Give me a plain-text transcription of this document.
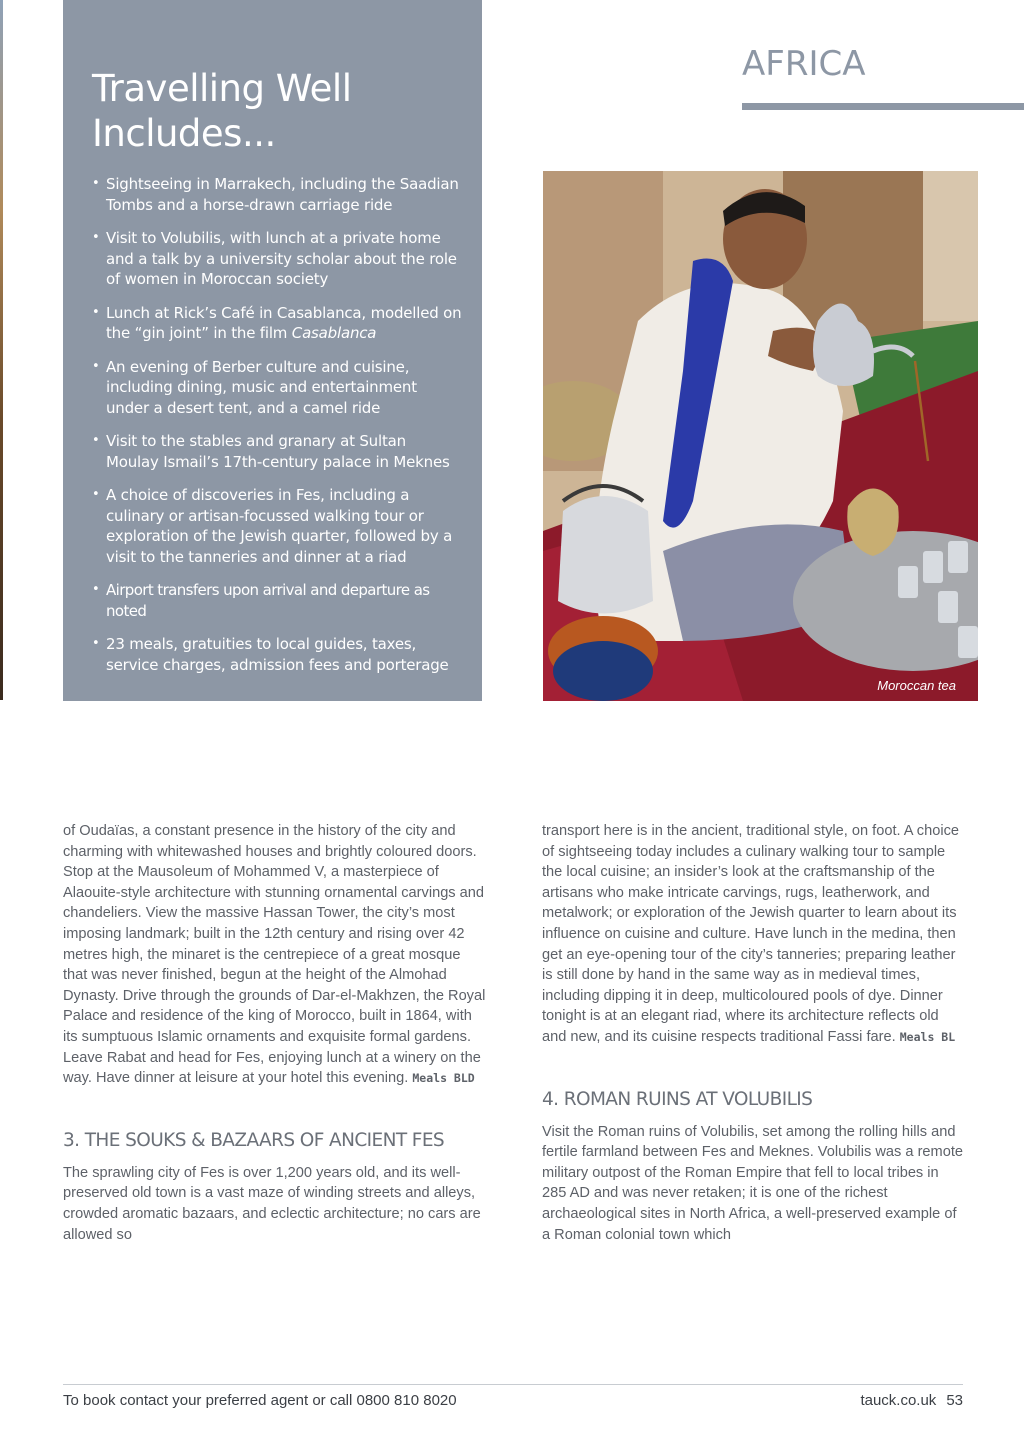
Travelling Well
Includes...
• Sightseeing in Marrakech, including the Saadian Tombs and a horse-drawn carriage ride
• Visit to Volubilis, with lunch at a private home and a talk by a university scholar about the role of women in Moroccan society
• Lunch at Rick’s Café in Casablanca, modelled on the “gin joint” in the film Casablanca
• An evening of Berber culture and cuisine, including dining, music and entertainment under a desert tent, and a camel ride
• Visit to the stables and granary at Sultan Moulay Ismail’s 17th-century palace in Meknes
• A choice of discoveries in Fes, including a culinary or artisan-focussed walking tour or exploration of the Jewish quarter, followed by a visit to the tanneries and dinner at a riad
• Airport transfers upon arrival and departure as noted
• 23 meals, gratuities to local guides, taxes, service charges, admission fees and porterage
AFRICA
Moroccan tea

of Oudaïas, a constant presence in the history of the city and charming with whitewashed houses and brightly coloured doors. Stop at the Mausoleum of Mohammed V, a masterpiece of Alaouite-style architecture with stunning ornamental carvings and chandeliers. View the massive Hassan Tower, the city’s most imposing landmark; built in the 12th century and rising over 42 metres high, the minaret is the centrepiece of a great mosque that was never finished, begun at the height of the Almohad Dynasty. Drive through the grounds of Dar-el-Makhzen, the Royal Palace and residence of the king of Morocco, built in 1864, with its sumptuous Islamic ornaments and exquisite formal gardens. Leave Rabat and head for Fes, enjoying lunch at a winery on the way. Have dinner at leisure at your hotel this evening. Meals BLD

3. THE SOUKS & BAZAARS OF ANCIENT FES

The sprawling city of Fes is over 1,200 years old, and its well-preserved old town is a vast maze of winding streets and alleys, crowded aromatic bazaars, and eclectic architecture; no cars are allowed so

transport here is in the ancient, traditional style, on foot. A choice of sightseeing today includes a culinary walking tour to sample the local cuisine; an insider’s look at the craftsmanship of the artisans who make intricate carvings, rugs, leatherwork, and metalwork; or exploration of the Jewish quarter to learn about its influence on cuisine and culture. Have lunch in the medina, then get an eye-opening tour of the city’s tanneries; preparing leather is still done by hand in the same way as in medieval times, including dipping it in deep, multicoloured pools of dye. Dinner tonight is at an elegant riad, where its architecture reflects old and new, and its cuisine respects traditional Fassi fare. Meals BL

4. ROMAN RUINS AT VOLUBILIS

Visit the Roman ruins of Volubilis, set among the rolling hills and fertile farmland between Fes and Meknes. Volubilis was a remote military outpost of the Roman Empire that fell to local tribes in 285 AD and was never retaken; it is one of the richest archaeological sites in North Africa, a well-preserved example of a Roman colonial town which

To book contact your preferred agent or call 0800 810 8020	tauck.co.uk 53
